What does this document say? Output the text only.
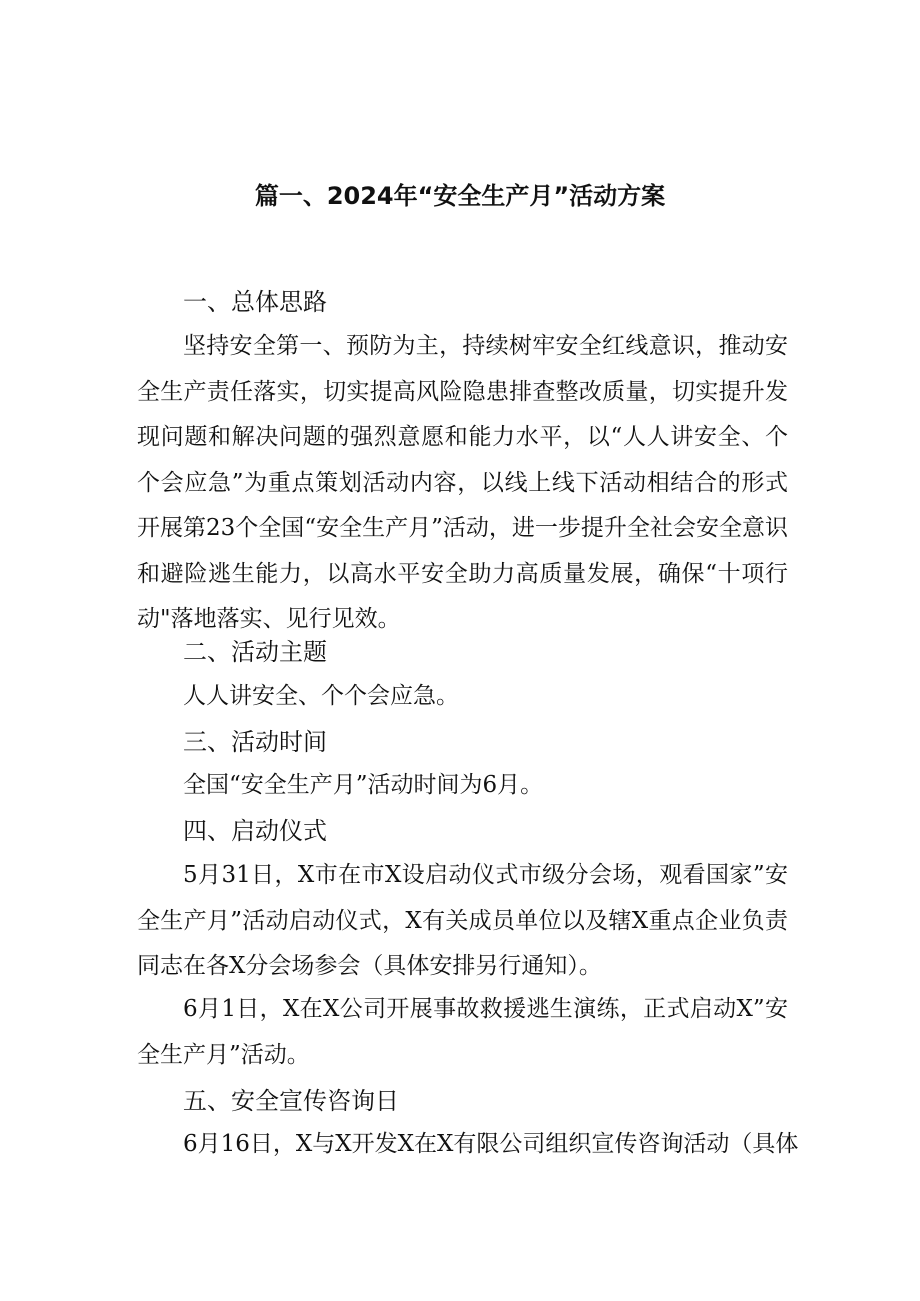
篇一、2024年“安全生产月”活动方案
一、总体思路

坚持安全第一、预防为主，持续树牢安全红线意识，推动安全生产责任落实，切实提高风险隐患排查整改质量，切实提升发现问题和解决问题的强烈意愿和能力水平，以“人人讲安全、个个会应急”为重点策划活动内容，以线上线下活动相结合的形式开展第23个全国“安全生产月”活动，进一步提升全社会安全意识和避险逃生能力，以高水平安全助力高质量发展，确保“十项行动"落地落实、见行见效。

二、活动主题

人人讲安全、个个会应急。

三、活动时间

全国“安全生产月”活动时间为6月。

四、启动仪式

5月31日，X市在市X设启动仪式市级分会场，观看国家”安全生产月”活动启动仪式，X有关成员单位以及辖X重点企业负责同志在各X分会场参会（具体安排另行通知）。

6月1日，X在X公司开展事故救援逃生演练，正式启动X”安全生产月”活动。

五、安全宣传咨询日

6月16日，X与X开发X在X有限公司组织宣传咨询活动（具体
